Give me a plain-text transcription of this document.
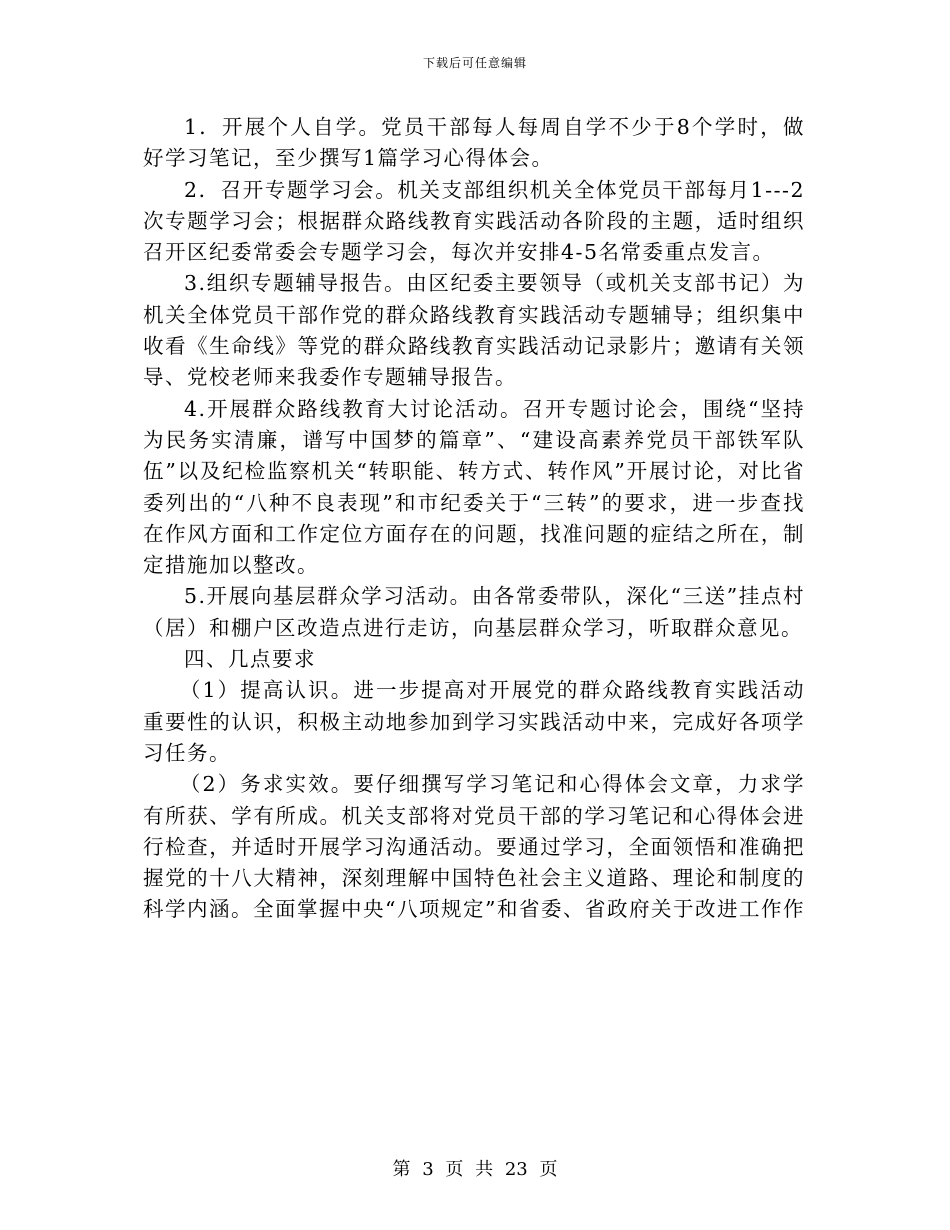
下载后可任意编辑

1．开展个人自学。党员干部每人每周自学不少于8个学时，做好学习笔记，至少撰写1篇学习心得体会。

2．召开专题学习会。机关支部组织机关全体党员干部每月1---2次专题学习会；根据群众路线教育实践活动各阶段的主题，适时组织召开区纪委常委会专题学习会，每次并安排4-5名常委重点发言。

3.组织专题辅导报告。由区纪委主要领导（或机关支部书记）为机关全体党员干部作党的群众路线教育实践活动专题辅导；组织集中收看《生命线》等党的群众路线教育实践活动记录影片；邀请有关领导、党校老师来我委作专题辅导报告。

4.开展群众路线教育大讨论活动。召开专题讨论会，围绕“坚持为民务实清廉，谱写中国梦的篇章”、“建设高素养党员干部铁军队伍”以及纪检监察机关“转职能、转方式、转作风”开展讨论，对比省委列出的“八种不良表现”和市纪委关于“三转”的要求，进一步查找在作风方面和工作定位方面存在的问题，找准问题的症结之所在，制定措施加以整改。

5.开展向基层群众学习活动。由各常委带队，深化“三送”挂点村（居）和棚户区改造点进行走访，向基层群众学习，听取群众意见。

四、几点要求

（1）提高认识。进一步提高对开展党的群众路线教育实践活动重要性的认识，积极主动地参加到学习实践活动中来，完成好各项学习任务。

（2）务求实效。要仔细撰写学习笔记和心得体会文章，力求学有所获、学有所成。机关支部将对党员干部的学习笔记和心得体会进行检查，并适时开展学习沟通活动。要通过学习，全面领悟和准确把握党的十八大精神，深刻理解中国特色社会主义道路、理论和制度的科学内涵。全面掌握中央“八项规定”和省委、省政府关于改进工作作

第 3 页 共 23 页
